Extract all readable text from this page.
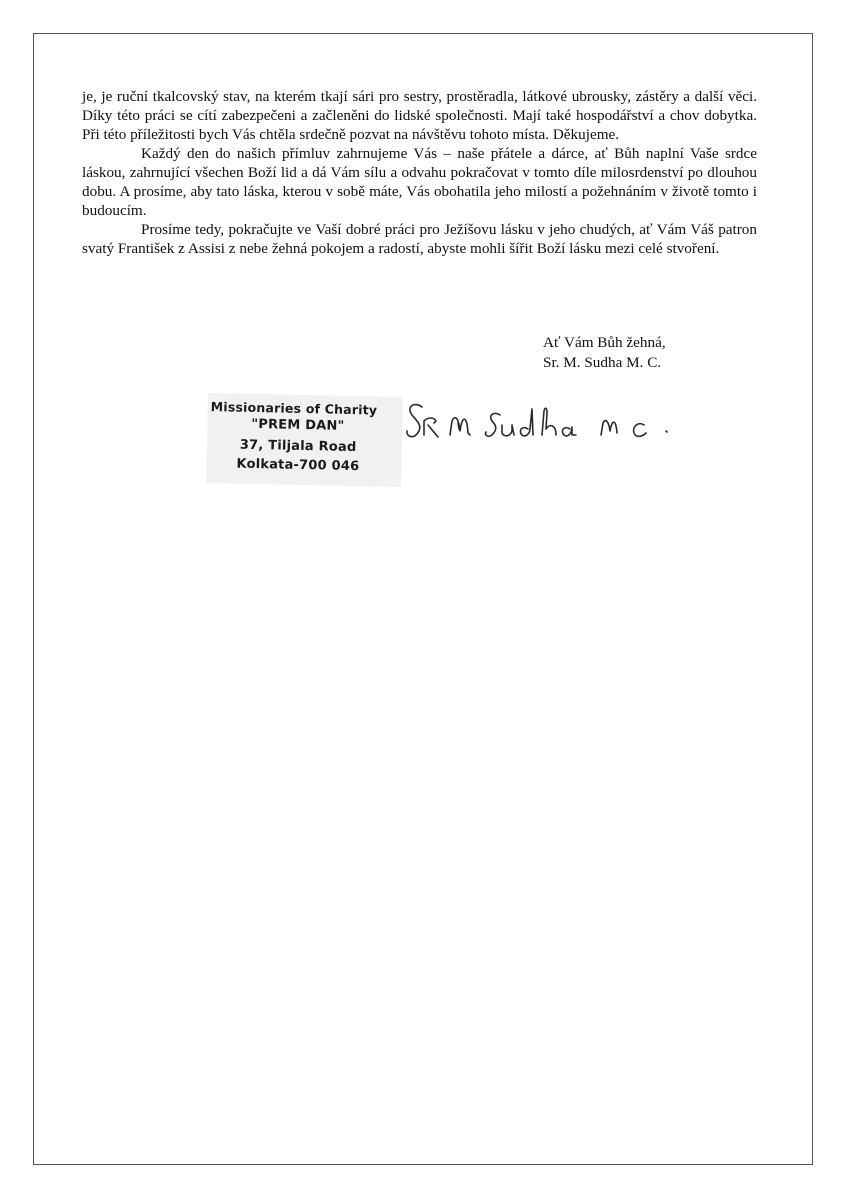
je, je ruční tkalcovský stav, na kterém tkají sári pro sestry, prostěradla, látkové ubrousky, zástěry a další věci. Díky této práci se cítí zabezpečeni a začleněni do lidské společnosti. Mají také hospodářství a chov dobytka. Při této příležitosti bych Vás chtěla srdečně pozvat na návštěvu tohoto místa. Děkujeme.

Každý den do našich přímluv zahrnujeme Vás – naše přátele a dárce, ať Bůh naplní Vaše srdce láskou, zahrnující všechen Boží lid a dá Vám sílu a odvahu pokračovat v tomto díle milosrdenství po dlouhou dobu. A prosíme, aby tato láska, kterou v sobě máte, Vás obohatila jeho milostí a požehnáním v životě tomto i budoucím.

Prosíme tedy, pokračujte ve Vaší dobré práci pro Ježíšovu lásku v jeho chudých, ať Vám Váš patron svatý František z Assisi z nebe žehná pokojem a radostí, abyste mohli šířit Boží lásku mezi celé stvoření.

Ať Vám Bůh žehná,
Sr. M. Sudha M. C.
Missionaries of Charity
"PREM DAN"
37, Tiljala Road
Kolkata-700 046
Sr M Sudha M C.
